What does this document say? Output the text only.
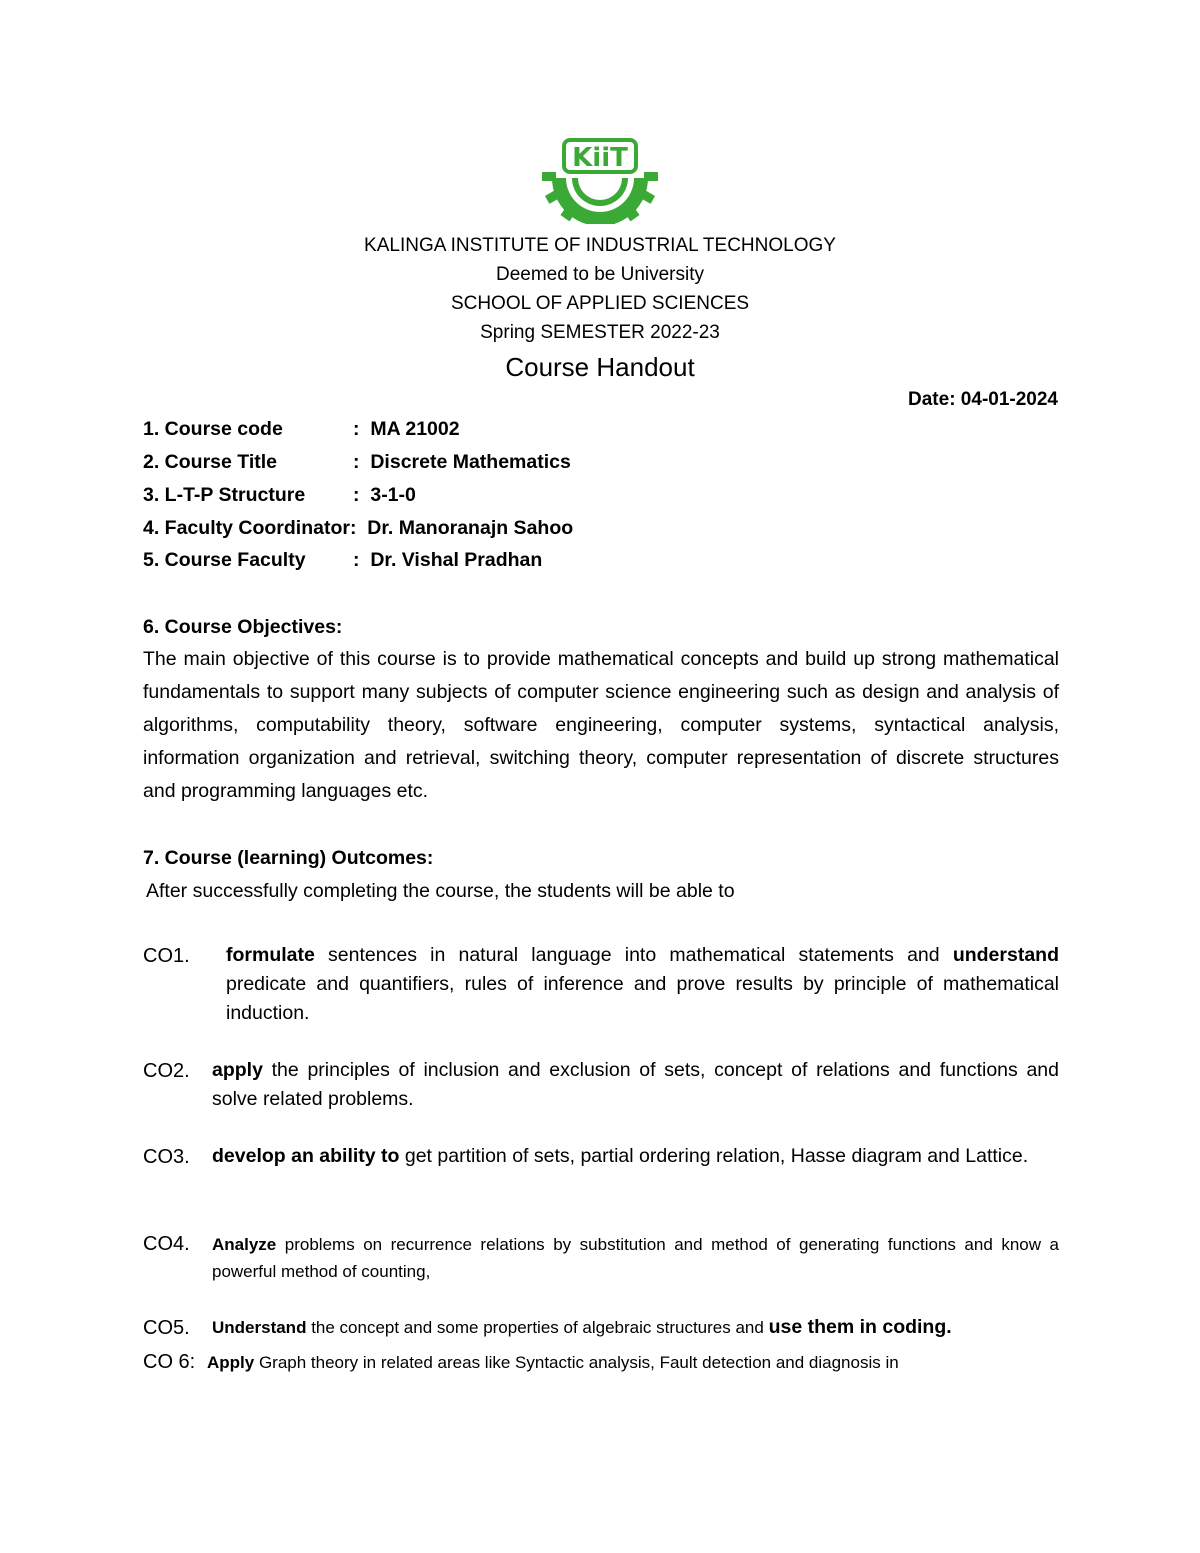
KiiT
KALINGA INSTITUTE OF INDUSTRIAL TECHNOLOGY
Deemed to be University
SCHOOL OF APPLIED SCIENCES
Spring SEMESTER 2022-23
Course Handout
Date: 04-01-2024
1. Course code	: MA 21002
2. Course Title	: Discrete Mathematics
3. L-T-P Structure : 3-1-0
4. Faculty Coordinator: Dr. Manoranajn Sahoo
5. Course Faculty : Dr. Vishal Pradhan
6. Course Objectives:
The main objective of this course is to provide mathematical concepts and build up strong mathematical fundamentals to support many subjects of computer science engineering such as design and analysis of algorithms, computability theory, software engineering, computer systems, syntactical analysis, information organization and retrieval, switching theory, computer representation of discrete structures and programming languages etc.
7. Course (learning) Outcomes:
After successfully completing the course, the students will be able to
CO1. formulate sentences in natural language into mathematical statements and understand predicate and quantifiers, rules of inference and prove results by principle of mathematical induction.
CO2. apply the principles of inclusion and exclusion of sets, concept of relations and functions and solve related problems.
CO3. develop an ability to get partition of sets, partial ordering relation, Hasse diagram and Lattice.
CO4. Analyze problems on recurrence relations by substitution and method of generating functions and know a powerful method of counting,
CO5. Understand the concept and some properties of algebraic structures and use them in coding.
CO 6: Apply Graph theory in related areas like Syntactic analysis, Fault detection and diagnosis in
